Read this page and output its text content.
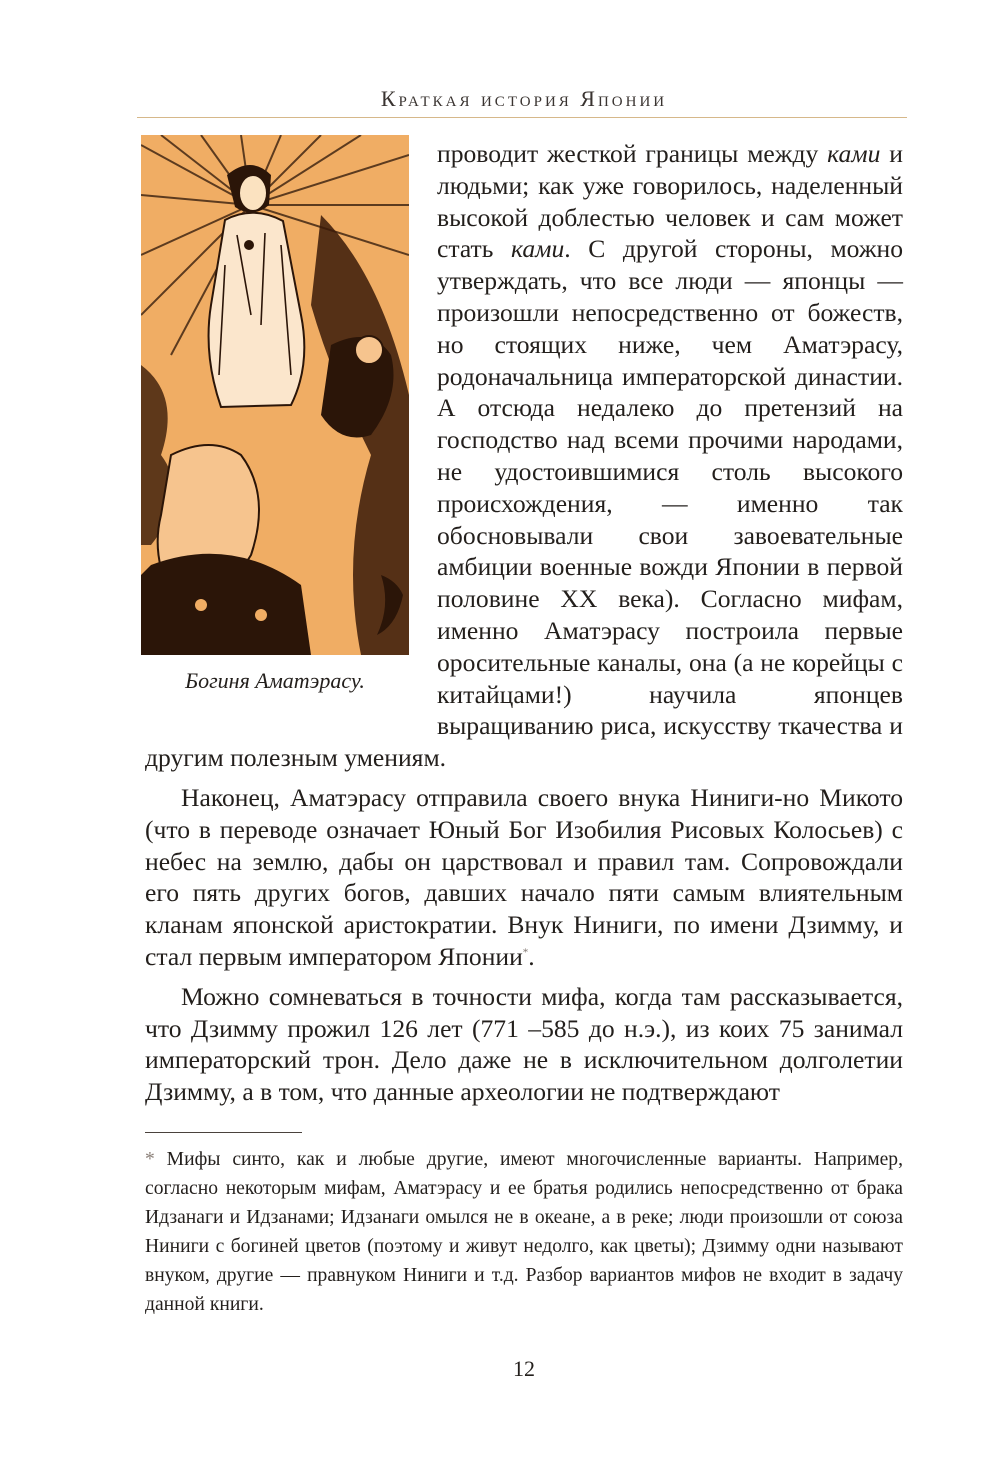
Краткая история Японии
Богиня Аматэрасу.

проводит жесткой границы между ками и людьми; как уже говорилось, наделенный высокой доблестью человек и сам может стать ками. С другой стороны, можно утверждать, что все люди — японцы — произошли непосредственно от божеств, но стоящих ниже, чем Аматэрасу, родоначальница императорской династии. А отсюда недалеко до претензий на господство над всеми прочими народами, не удостоившимися столь высокого происхождения, — именно так обосновывали свои завоевательные амбиции военные вожди Японии в первой половине XX века). Согласно мифам, именно Аматэрасу построила первые оросительные каналы, она (а не корейцы с китайцами!) научила японцев выращиванию риса, искусству ткачества и другим полезным умениям.

Наконец, Аматэрасу отправила своего внука Ниниги-но Микото (что в переводе означает Юный Бог Изобилия Рисовых Колосьев) с небес на землю, дабы он царствовал и правил там. Сопровождали его пять других богов, давших начало пяти самым влиятельным кланам японской аристократии. Внук Ниниги, по имени Дзимму, и стал первым императором Японии*.

Можно сомневаться в точности мифа, когда там рассказывается, что Дзимму прожил 126 лет (771 –585 до н.э.), из коих 75 занимал императорский трон. Дело даже не в исключительном долголетии Дзимму, а в том, что данные археологии не подтверждают

* Мифы синто, как и любые другие, имеют многочисленные варианты. Например, согласно некоторым мифам, Аматэрасу и ее братья родились непосредственно от брака Идзанаги и Идзанами; Идзанаги омылся не в океане, а в реке; люди произошли от союза Ниниги с богиней цветов (поэтому и живут недолго, как цветы); Дзимму одни называют внуком, другие — правнуком Ниниги и т.д. Разбор вариантов мифов не входит в задачу данной книги.

12
